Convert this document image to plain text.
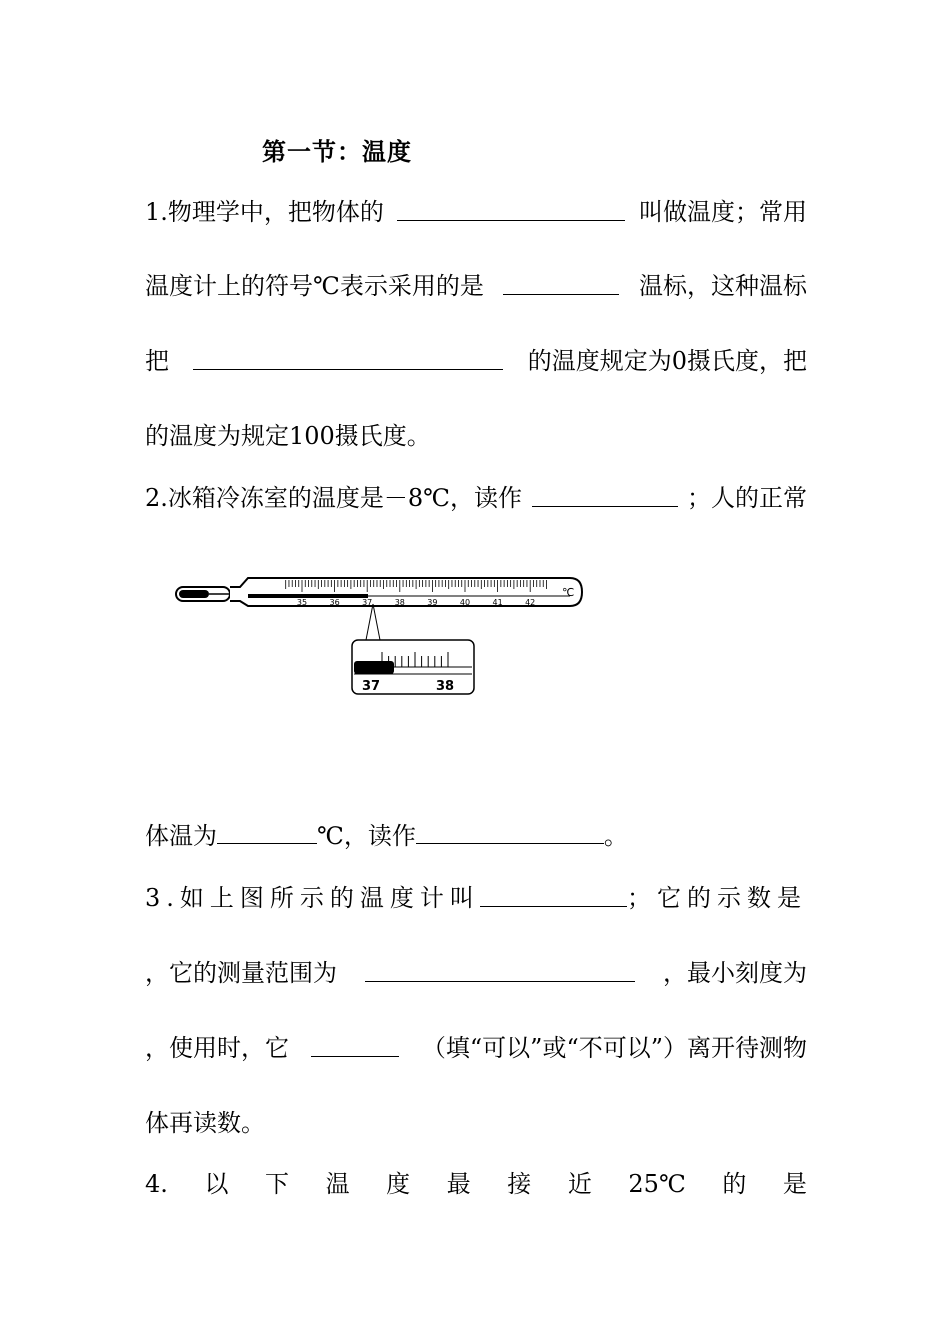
第一节：温度
1.物理学中，把物体的	叫做温度；常用
温度计上的符号℃表示采用的是	温标，这种温标
把	的温度规定为0摄氏度，把
的温度为规定100摄氏度。
2.冰箱冷冻室的温度是－8℃，读作	；人的正常
℃
35	36	37	38	39	40	41	42
37	38
体温为	℃，读作	。
3.如上图所示的温度计叫	；它的示数是
，它的测量范围为	，最小刻度为
，使用时，它	（填“可以”或“不可以”）离开待测物
体再读数。
4. 以 下 温 度 最 接 近 25℃ 的 是
